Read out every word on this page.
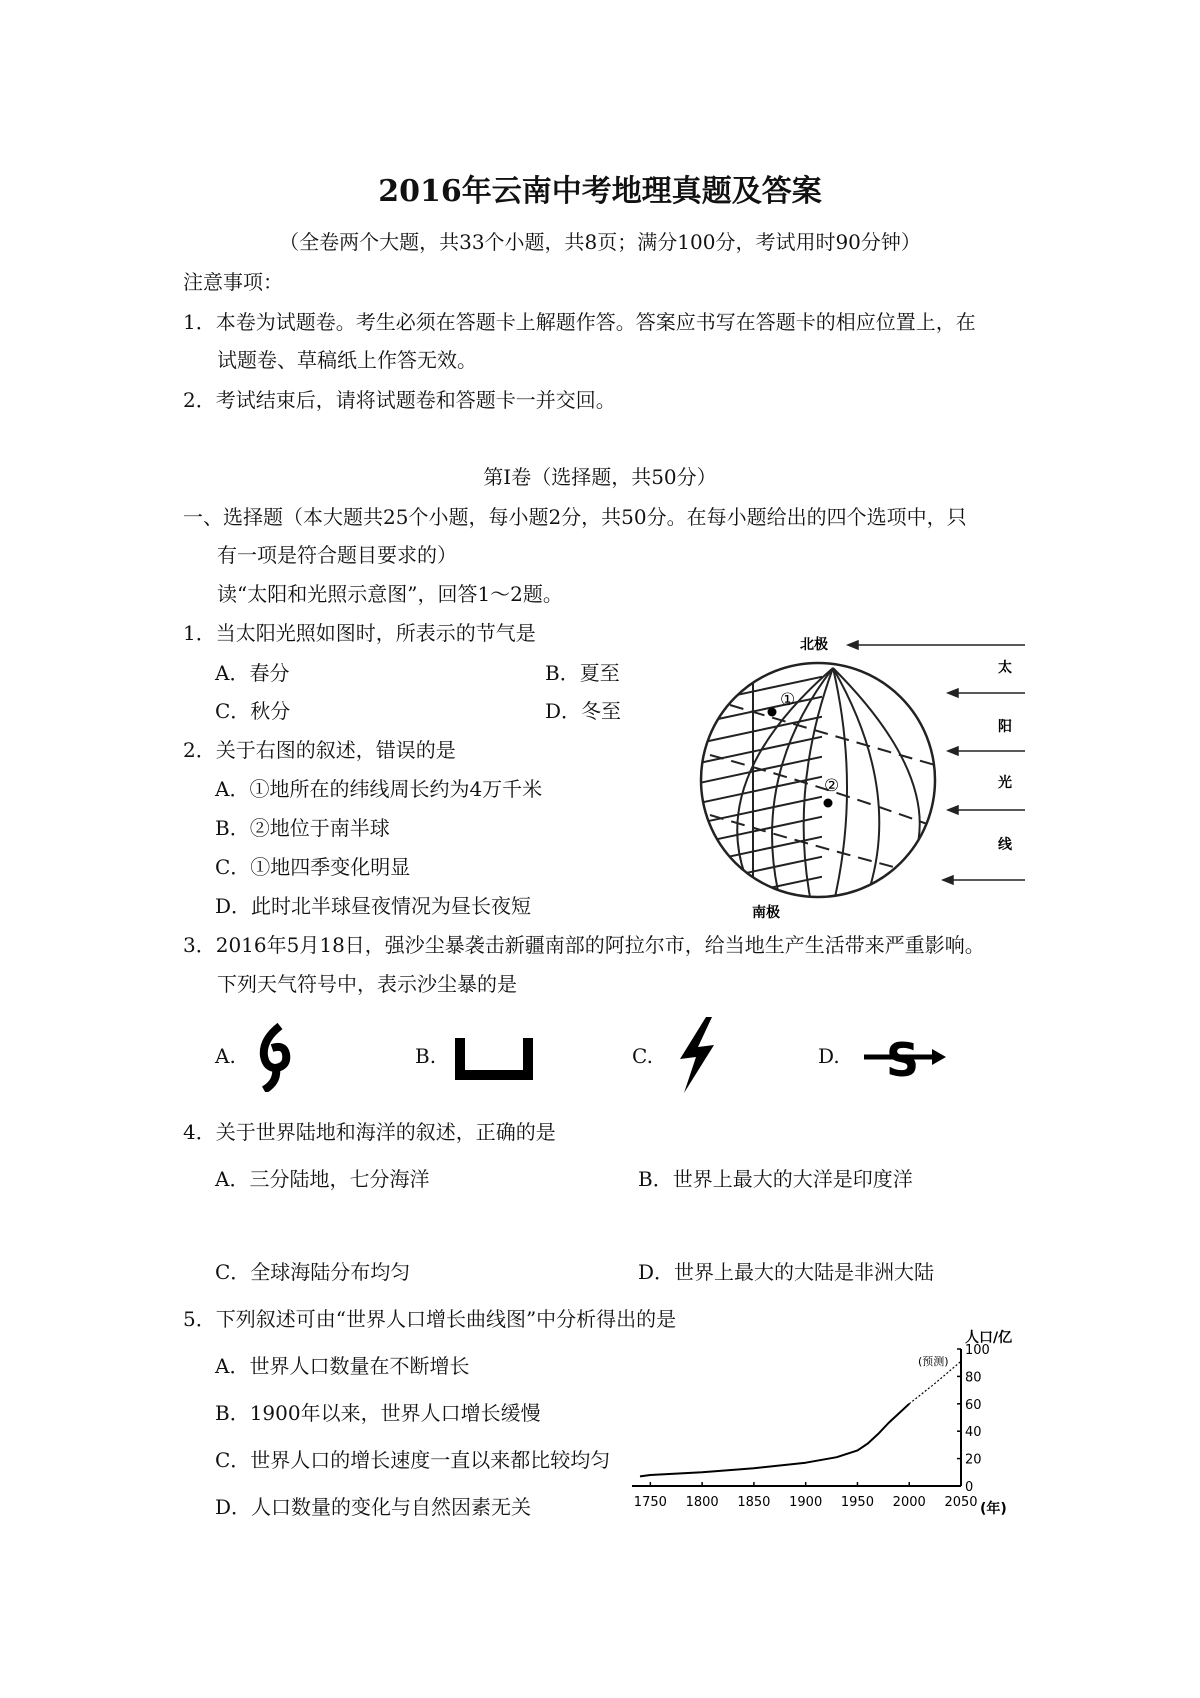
2016年云南中考地理真题及答案
（全卷两个大题，共33个小题，共8页；满分100分，考试用时90分钟）
注意事项：
1．本卷为试题卷。考生必须在答题卡上解题作答。答案应书写在答题卡的相应位置上，在
试题卷、草稿纸上作答无效。
2．考试结束后，请将试题卷和答题卡一并交回。
第Ⅰ卷（选择题，共50分）
一、选择题（本大题共25个小题，每小题2分，共50分。在每小题给出的四个选项中，只
有一项是符合题目要求的）
读“太阳和光照示意图”，回答1～2题。
1．当太阳光照如图时，所表示的节气是
A．春分	B．夏至
C．秋分	D．冬至
2．关于右图的叙述，错误的是
A．①地所在的纬线周长约为4万千米
B．②地位于南半球
C．①地四季变化明显
D．此时北半球昼夜情况为昼长夜短
①
②
北极
南极
太
阳
光
线
3．2016年5月18日，强沙尘暴袭击新疆南部的阿拉尔市，给当地生产生活带来严重影响。
下列天气符号中，表示沙尘暴的是
A.	B.	C.	D. S
4．关于世界陆地和海洋的叙述，正确的是
A．三分陆地，七分海洋	B．世界上最大的大洋是印度洋
C．全球海陆分布均匀	D．世界上最大的大陆是非洲大陆
5．下列叙述可由“世界人口增长曲线图”中分析得出的是
A．世界人口数量在不断增长
B．1900年以来，世界人口增长缓慢
C．世界人口的增长速度一直以来都比较均匀
D．人口数量的变化与自然因素无关
人口/亿
(预测)
(年)
1750 1800 1850 1900 1950 2000 2050
0
20
40
60
80
100
